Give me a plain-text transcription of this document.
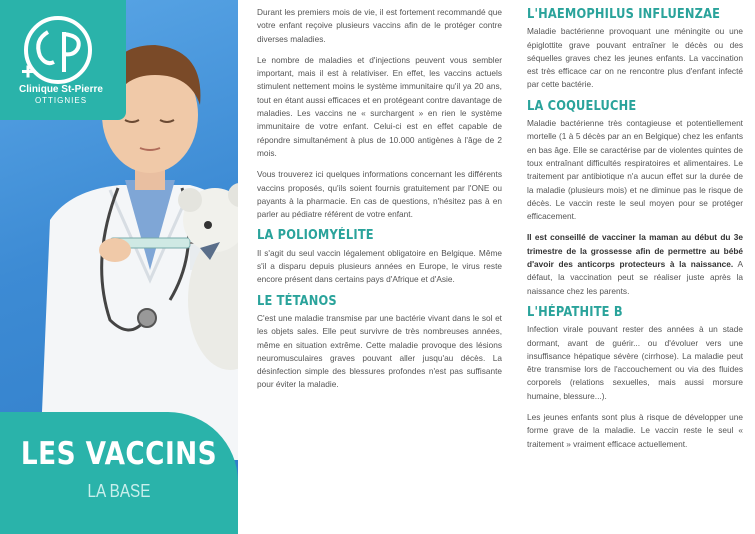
Clinique St-Pierre
OTTIGNIES
LES VACCINS
LA BASE

Durant les premiers mois de vie, il est fortement recommandé que votre enfant reçoive plusieurs vaccins afin de le protéger contre diverses maladies.

Le nombre de maladies et d'injections peuvent vous sembler important, mais il est à relativiser. En effet, les vaccins actuels stimulent nettement moins le système immunitaire qu'il ya 20 ans, tout en étant aussi efficaces et en protégeant contre davantage de maladies. Les vaccins ne « surchargent » en rien le système immunitaire de votre enfant. Celui-ci est en effet capable de répondre simultanément à plus de 10.000 antigènes à l'âge de 2 mois.

Vous trouverez ici quelques informations concernant les différents vaccins proposés, qu'ils soient fournis gratuitement par l'ONE ou payants à la pharmacie. En cas de questions, n'hésitez pas à en parler au pédiatre référent de votre enfant.

LA POLIOMYÉLITE

Il s'agit du seul vaccin légalement obligatoire en Belgique. Même s'il a disparu depuis plusieurs années en Europe, le virus reste encore présent dans certains pays d'Afrique et d'Asie.

LE TÉTANOS

C'est une maladie transmise par une bactérie vivant dans le sol et les objets sales. Elle peut survivre de très nombreuses années, même en situation extrême. Cette maladie provoque des lésions neuromusculaires graves pouvant aller jusqu'au décès. La désinfection simple des blessures profondes n'est pas suffisante pour éviter la maladie.

L'HAEMOPHILUS INFLUENZAE

Maladie bactérienne provoquant une méningite ou une épiglottite grave pouvant entraîner le décès ou des séquelles graves chez les jeunes enfants. La vaccination est très efficace car on ne rencontre plus d'enfant infecté par cette bactérie.

LA COQUELUCHE

Maladie bactérienne très contagieuse et potentiellement mortelle (1 à 5 décès par an en Belgique) chez les enfants en bas âge. Elle se caractérise par de violentes quintes de toux entraînant difficultés respiratoires et alimentaires. Le traitement par antibiotique n'a aucun effet sur la durée de la maladie (plusieurs mois) et ne diminue pas le risque de décès. Le vaccin reste le seul moyen pour se protéger efficacement.

Il est conseillé de vacciner la maman au début du 3e trimestre de la grossesse afin de permettre au bébé d'avoir des anticorps protecteurs à la naissance. A défaut, la vaccination peut se réaliser juste après la naissance chez les parents.

L'HÉPATHITE B

Infection virale pouvant rester des années à un stade dormant, avant de guérir... ou d'évoluer vers une insuffisance hépatique sévère (cirrhose). La maladie peut être transmise lors de l'accouchement ou via des fluides corporels (relations sexuelles, mais aussi morsure humaine, blessure...).

Les jeunes enfants sont plus à risque de développer une forme grave de la maladie. Le vaccin reste le seul « traitement » vraiment efficace actuellement.
